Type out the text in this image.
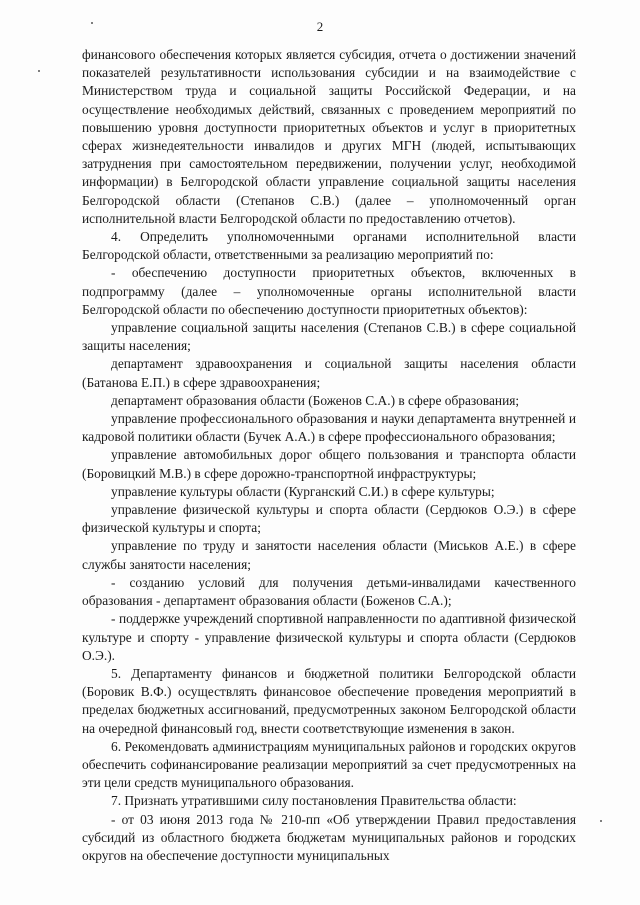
2

финансового обеспечения которых является субсидия, отчета о достижении значений показателей результативности использования субсидии и на взаимодействие с Министерством труда и социальной защиты Российской Федерации, и на осуществление необходимых действий, связанных с проведением мероприятий по повышению уровня доступности приоритетных объектов и услуг в приоритетных сферах жизнедеятельности инвалидов и других МГН (людей, испытывающих затруднения при самостоятельном передвижении, получении услуг, необходимой информации) в Белгородской области управление социальной защиты населения Белгородской области (Степанов С.В.) (далее – уполномоченный орган исполнительной власти Белгородской области по предоставлению отчетов).

4. Определить уполномоченными органами исполнительной власти Белгородской области, ответственными за реализацию мероприятий по:

- обеспечению доступности приоритетных объектов, включенных в подпрограмму (далее – уполномоченные органы исполнительной власти Белгородской области по обеспечению доступности приоритетных объектов):

управление социальной защиты населения (Степанов С.В.) в сфере социальной защиты населения;

департамент здравоохранения и социальной защиты населения области (Батанова Е.П.) в сфере здравоохранения;

департамент образования области (Боженов С.А.) в сфере образования;

управление профессионального образования и науки департамента внутренней и кадровой политики области (Бучек А.А.) в сфере профессионального образования;

управление автомобильных дорог общего пользования и транспорта области (Боровицкий М.В.) в сфере дорожно-транспортной инфраструктуры;

управление культуры области (Курганский С.И.) в сфере культуры;

управление физической культуры и спорта области (Сердюков О.Э.) в сфере физической культуры и спорта;

управление по труду и занятости населения области (Миськов А.Е.) в сфере службы занятости населения;

- созданию условий для получения детьми-инвалидами качественного образования - департамент образования области (Боженов С.А.);

- поддержке учреждений спортивной направленности по адаптивной физической культуре и спорту - управление физической культуры и спорта области (Сердюков О.Э.).

5. Департаменту финансов и бюджетной политики Белгородской области (Боровик В.Ф.) осуществлять финансовое обеспечение проведения мероприятий в пределах бюджетных ассигнований, предусмотренных законом Белгородской области на очередной финансовый год, внести соответствующие изменения в закон.

6. Рекомендовать администрациям муниципальных районов и городских округов обеспечить софинансирование реализации мероприятий за счет предусмотренных на эти цели средств муниципального образования.

7. Признать утратившими силу постановления Правительства области:

- от 03 июня 2013 года № 210-пп «Об утверждении Правил предоставления субсидий из областного бюджета бюджетам муниципальных районов и городских округов на обеспечение доступности муниципальных
